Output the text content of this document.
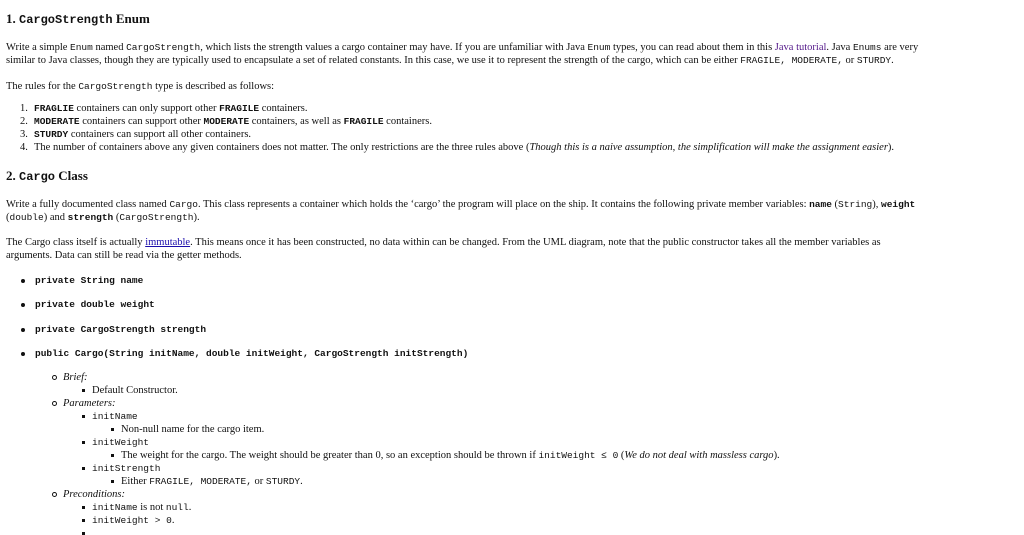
1. CargoStrength Enum

Write a simple Enum named CargoStrength, which lists the strength values a cargo container may have. If you are unfamiliar with Java Enum types, you can read about them in this Java tutorial. Java Enums are very

similar to Java classes, though they are typically used to encapsulate a set of related constants. In this case, we use it to represent the strength of the cargo, which can be either FRAGILE, MODERATE, or STURDY.

The rules for the CargoStrength type is described as follows:
1. FRAGLIE containers can only support other FRAGILE containers.
2. MODERATE containers can support other MODERATE containers, as well as FRAGILE containers.
3. STURDY containers can support all other containers.
4. The number of containers above any given containers does not matter. The only restrictions are the three rules above (Though this is a naive assumption, the simplification will make the assignment easier).
2. Cargo Class

Write a fully documented class named Cargo. This class represents a container which holds the ‘cargo’ the program will place on the ship. It contains the following private member variables: name (String), weight

(double) and strength (CargoStrength).

The Cargo class itself is actually immutable. This means once it has been constructed, no data within can be changed. From the UML diagram, note that the public constructor takes all the member variables as

arguments. Data can still be read via the getter methods.

private String name
private double weight
private CargoStrength strength
public Cargo(String initName, double initWeight, CargoStrength initStrength)
Brief:
Default Constructor.
Parameters:
initName
Non-null name for the cargo item.
initWeight
The weight for the cargo. The weight should be greater than 0, so an exception should be thrown if initWeight ≤ 0 (We do not deal with massless cargo).
initStrength
Either FRAGILE, MODERATE, or STURDY.
Preconditions:
initName is not null.
initWeight > 0.
